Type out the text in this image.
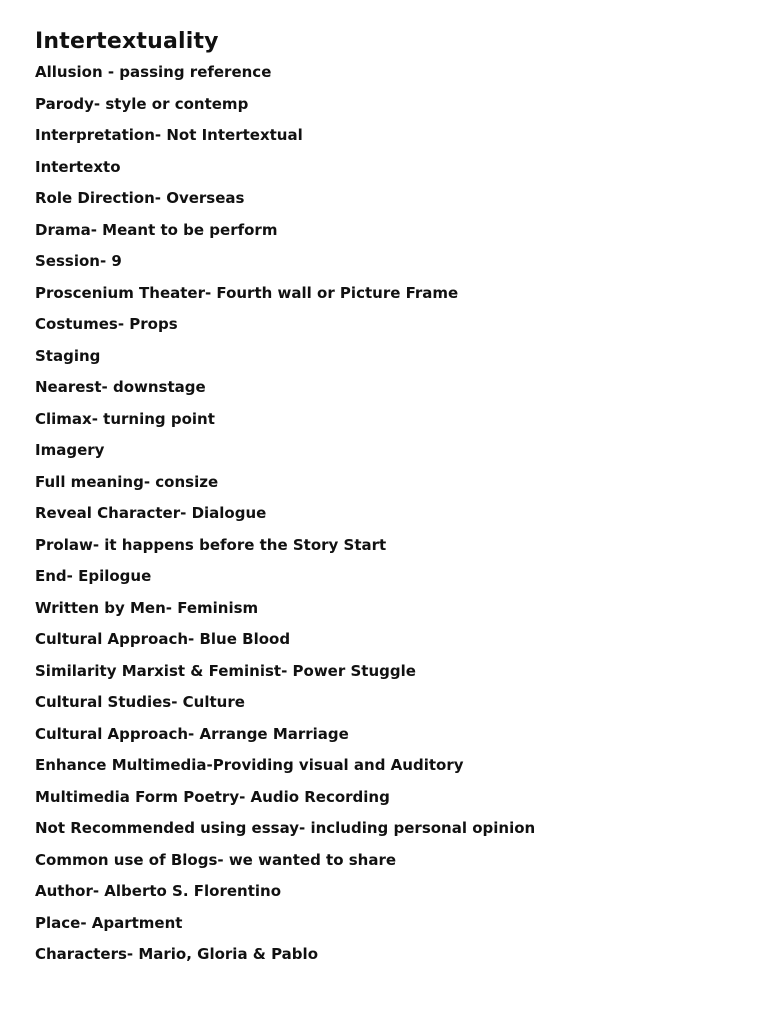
Intertextuality
Allusion - passing reference
Parody- style or contemp
Interpretation- Not Intertextual
Intertexto
Role Direction- Overseas
Drama- Meant to be perform
Session- 9
Proscenium Theater- Fourth wall or Picture Frame
Costumes- Props
Staging
Nearest- downstage
Climax- turning point
Imagery
Full meaning- consize
Reveal Character- Dialogue
Prolaw- it happens before the Story Start
End- Epilogue
Written by Men- Feminism
Cultural Approach- Blue Blood
Similarity Marxist & Feminist- Power Stuggle
Cultural Studies- Culture
Cultural Approach- Arrange Marriage
Enhance Multimedia-Providing visual and Auditory
Multimedia Form Poetry- Audio Recording
Not Recommended using essay- including personal opinion
Common use of Blogs- we wanted to share
Author- Alberto S. Florentino
Place- Apartment
Characters- Mario, Gloria & Pablo
